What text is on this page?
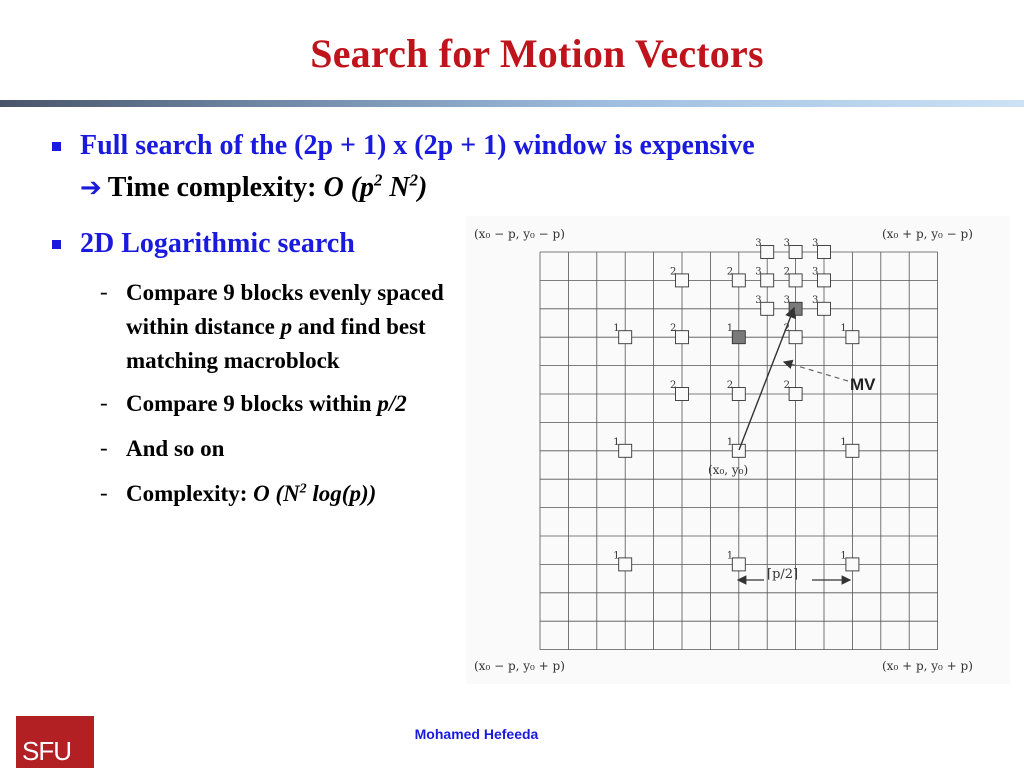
Search for Motion Vectors
Full search of the (2p + 1) x (2p + 1) window is expensive
➔ Time complexity: O ($p^2$ $N^2$)
2D Logarithmic search
- Compare 9 blocks evenly spaced
within distance p and find best
matching macroblock
- Compare 9 blocks within p/2
- And so on
- Complexity: O ($N^2$ log(p))
1	1	1
1	1	1
1	1	1
2	2	2
2	2
2	2	2
3 3 3
3	3
3 3 3
MV
(x₀, y₀)
⌈p/2⌉
(x₀ − p, y₀ − p)	(x₀ + p, y₀ − p)
(x₀ − p, y₀ + p)	(x₀ + p, y₀ + p)
SFU
Mohamed Hefeeda
